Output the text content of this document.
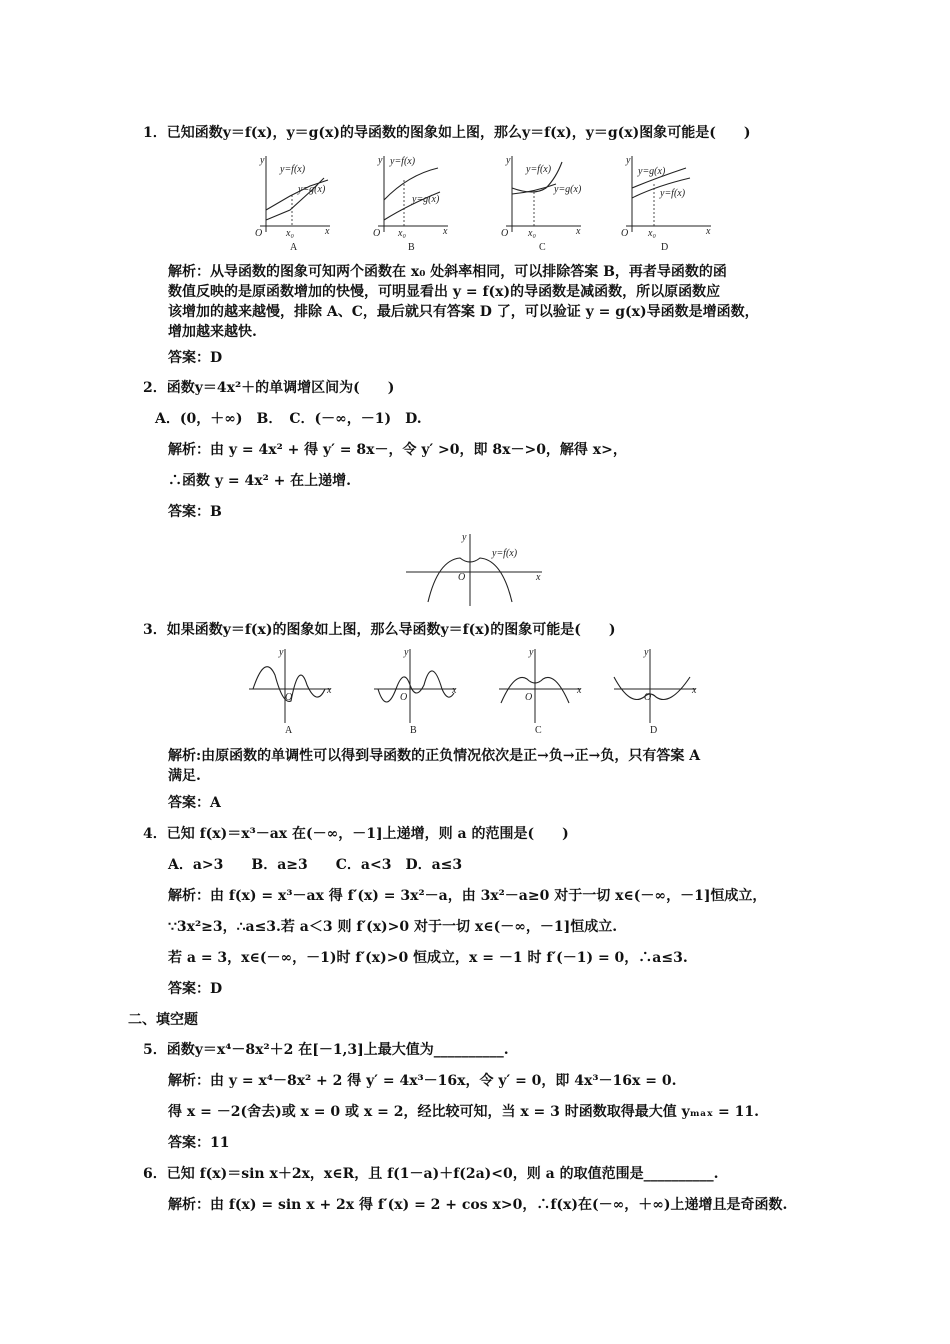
1．已知函数y＝f(x)，y＝g(x)的导函数的图象如上图，那么y＝f(x)，y＝g(x)图象可能是(　　)
y
O	x
x₀
y=f(x)
y=g(x)
A
y
O	x
x₀
y=f(x)
y=g(x)
B
y
O	x
x₀
y=f(x)
y=g(x)
C
y
O	x
x₀
y=g(x)
y=f(x)
D
解析：从导函数的图象可知两个函数在 x₀ 处斜率相同，可以排除答案 B，再者导函数的函
数值反映的是原函数增加的快慢，可明显看出 y = f(x)的导函数是减函数，所以原函数应
该增加的越来越慢，排除 A、C，最后就只有答案 D 了，可以验证 y = g(x)导函数是增函数，
增加越来越快.
答案：D
2．函数y＝4x²＋的单调增区间为(　　)
A．(0，＋∞)　B．　C．(－∞，－1)　D.
解析：由 y = 4x² + 得 y′ = 8x－，令 y′ >0，即 8x－>0，解得 x>，
∴函数 y = 4x² + 在上递增.
答案：B
y
x
O
y=f(x)
3．如果函数y＝f(x)的图象如上图，那么导函数y＝f(x)的图象可能是(　　)
y
x
O
A
y
x
O
B
y
x
O
C
y
x
O
D
解析:由原函数的单调性可以得到导函数的正负情况依次是正→负→正→负，只有答案 A
满足.
答案：A
4．已知 f(x)＝x³－ax 在(－∞，－1]上递增，则 a 的范围是(　　)
A．a>3　　B．a≥3　　C．a<3　D．a≤3
解析：由 f(x) = x³－ax 得 f′(x) = 3x²－a，由 3x²－a≥0 对于一切 x∈(－∞，－1]恒成立，
∵3x²≥3，∴a≤3.若 a＜3 则 f′(x)>0 对于一切 x∈(－∞，－1]恒成立.
若 a = 3，x∈(－∞，－1)时 f′(x)>0 恒成立，x = －1 时 f′(－1) = 0，∴a≤3.
答案：D
二、填空题
5．函数y＝x⁴－8x²＋2 在[－1,3]上最大值为__________.
解析：由 y = x⁴－8x² + 2 得 y′ = 4x³－16x，令 y′ = 0，即 4x³－16x = 0.
得 x = －2(舍去)或 x = 0 或 x = 2，经比较可知，当 x = 3 时函数取得最大值 yₘₐₓ = 11.
答案：11
6．已知 f(x)＝sin x＋2x，x∈R，且 f(1－a)＋f(2a)<0，则 a 的取值范围是__________.
解析：由 f(x) = sin x + 2x 得 f′(x) = 2 + cos x>0，∴f(x)在(－∞，＋∞)上递增且是奇函数.
